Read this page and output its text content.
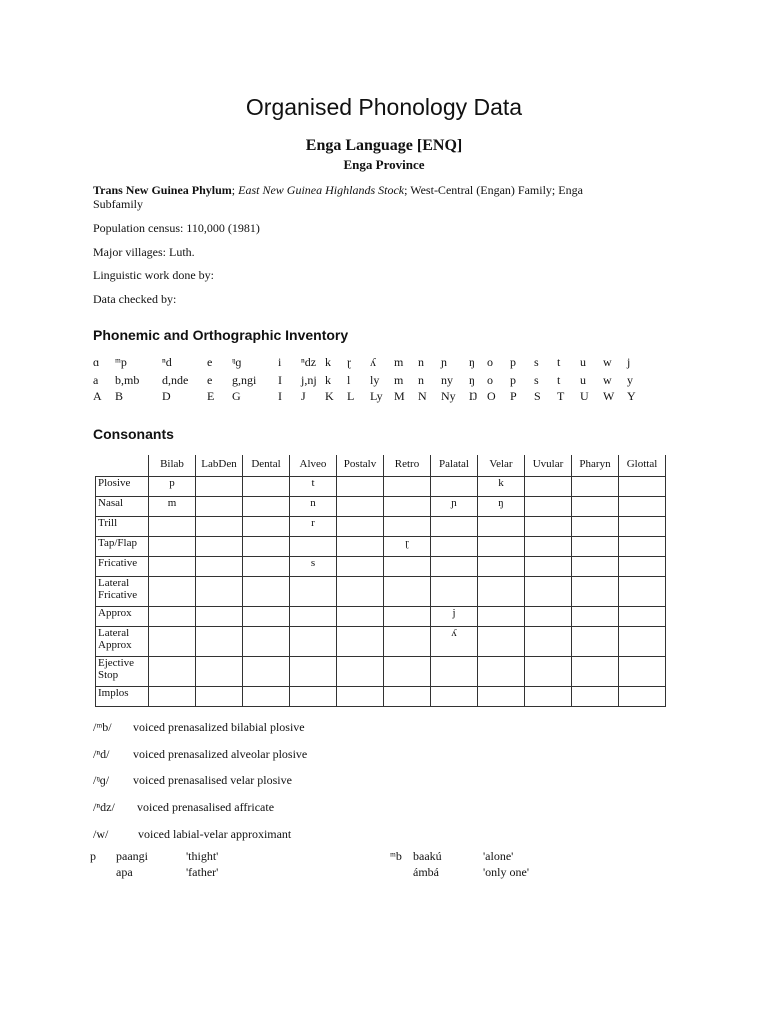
Organised Phonology Data
Enga Language [ENQ]
Enga Province
Trans New Guinea Phylum; East New Guinea Highlands Stock; West-Central (Engan) Family; Enga
Subfamily
Population census: 110,000 (1981)
Major villages: Luth.
Linguistic work done by:
Data checked by:
Phonemic and Orthographic Inventory
ɑ ᵐp	ⁿd	e ᵑɡ	i ⁿdz k ɽ ʎ m n ɲ ŋ o p s t u w j
a b,mb d,nde e g,ngi I j,nj k l ly m n ny ŋ o p s t u w y
A B	D	E G	I J K L Ly M N Ny Ŋ O P S T U W Y
Consonants
	Bilab	LabDen	Dental	Alveo	Postalv	Retro	Palatal	Velar	Uvular	Pharyn	Glottal
Plosive	p			t				k			
Nasal	m			n			ɲ	ŋ			
Trill				r							
Tap/Flap						ɽ					
Fricative				s							
Lateral Fricative											
Approx							j				
Lateral Approx							ʎ				
Ejective Stop											
Implos											
/ᵐb/ voiced prenasalized bilabial plosive
/ⁿd/ voiced prenasalized alveolar plosive
/ᵑɡ/ voiced prenasalised velar plosive
/ⁿdz/ voiced prenasalised affricate
/w/ voiced labial-velar approximant
p paangi	'thight'
apa	'father'
ᵐb baakú	'alone'
ámbá	'only one'
